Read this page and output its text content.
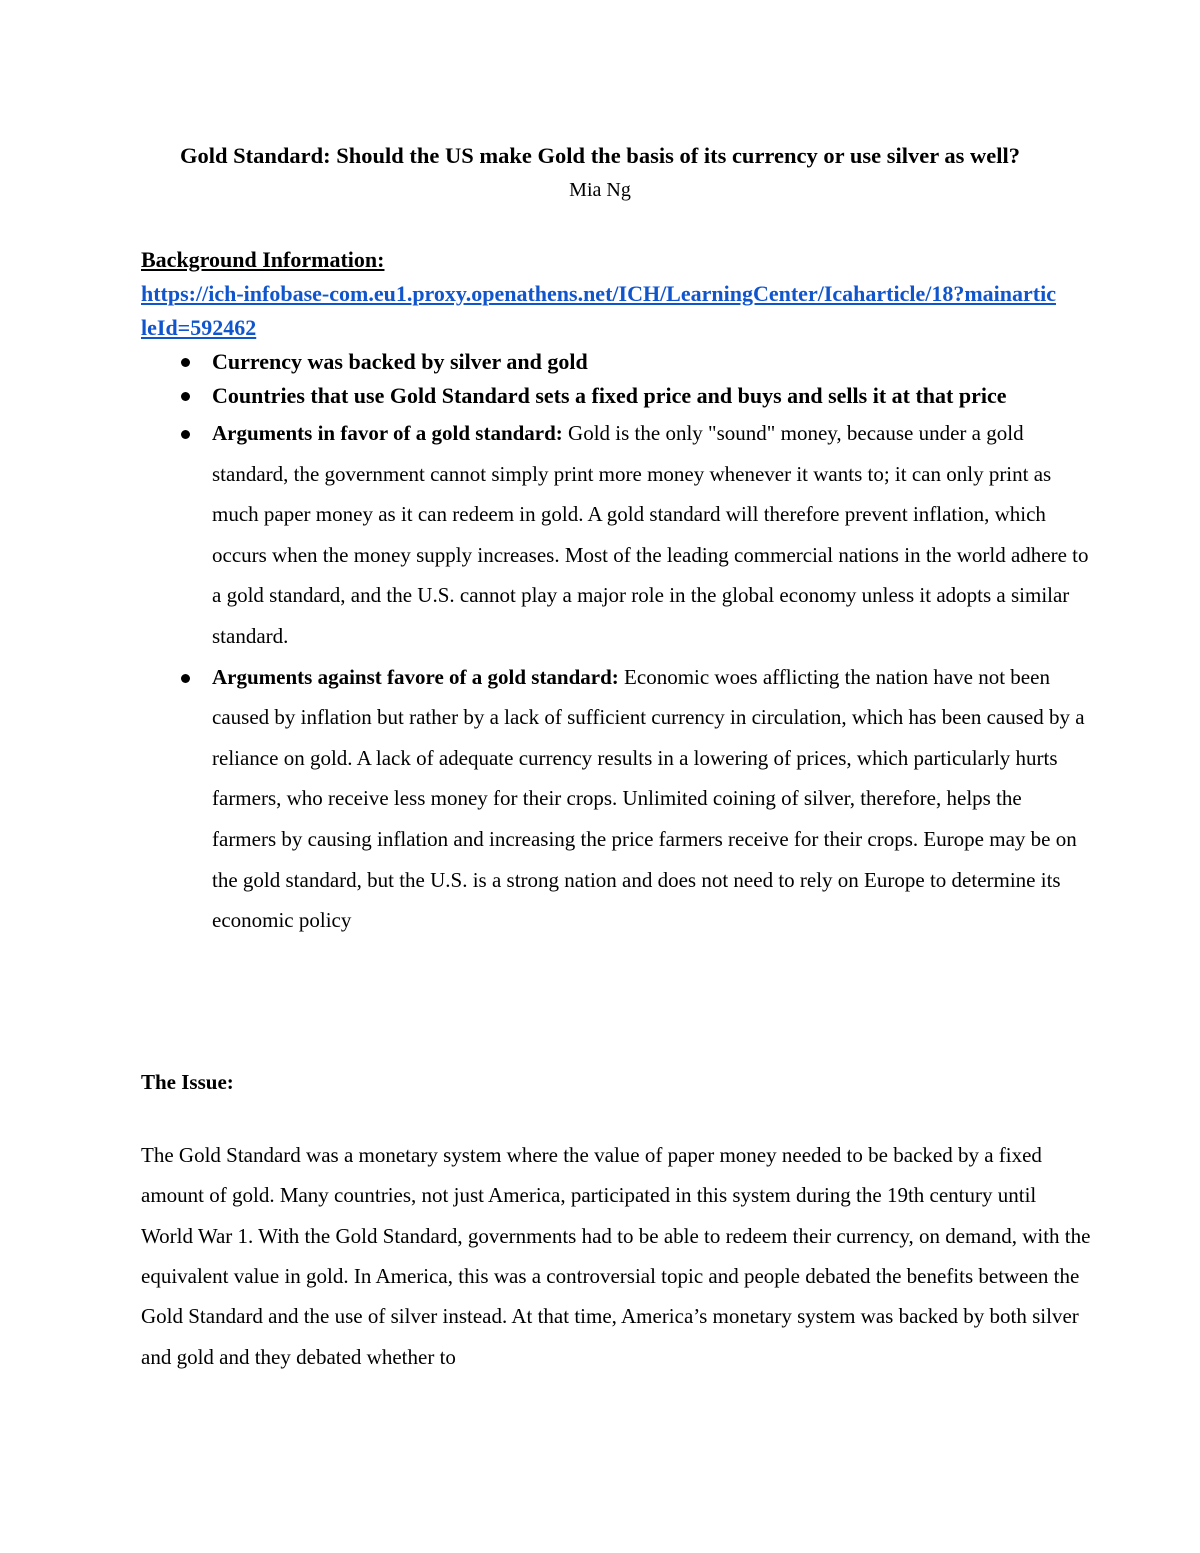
Gold Standard: Should the US make Gold the basis of its currency or use silver as well?
Mia Ng
Background Information:
https://ich-infobase-com.eu1.proxy.openathens.net/ICH/LearningCenter/Icaharticle/18?mainarticleId=592462
Currency was backed by silver and gold
Countries that use Gold Standard sets a fixed price and buys and sells it at that price
Arguments in favor of a gold standard: Gold is the only "sound" money, because under a gold standard, the government cannot simply print more money whenever it wants to; it can only print as much paper money as it can redeem in gold. A gold standard will therefore prevent inflation, which occurs when the money supply increases. Most of the leading commercial nations in the world adhere to a gold standard, and the U.S. cannot play a major role in the global economy unless it adopts a similar standard.
Arguments against favore of a gold standard: Economic woes afflicting the nation have not been caused by inflation but rather by a lack of sufficient currency in circulation, which has been caused by a reliance on gold. A lack of adequate currency results in a lowering of prices, which particularly hurts farmers, who receive less money for their crops. Unlimited coining of silver, therefore, helps the farmers by causing inflation and increasing the price farmers receive for their crops. Europe may be on the gold standard, but the U.S. is a strong nation and does not need to rely on Europe to determine its economic policy
The Issue:
The Gold Standard was a monetary system where the value of paper money needed to be backed by a fixed amount of gold. Many countries, not just America, participated in this system during the 19th century until World War 1. With the Gold Standard, governments had to be able to redeem their currency, on demand, with the equivalent value in gold. In America, this was a controversial topic and people debated the benefits between the Gold Standard and the use of silver instead. At that time, America’s monetary system was backed by both silver and gold and they debated whether to
